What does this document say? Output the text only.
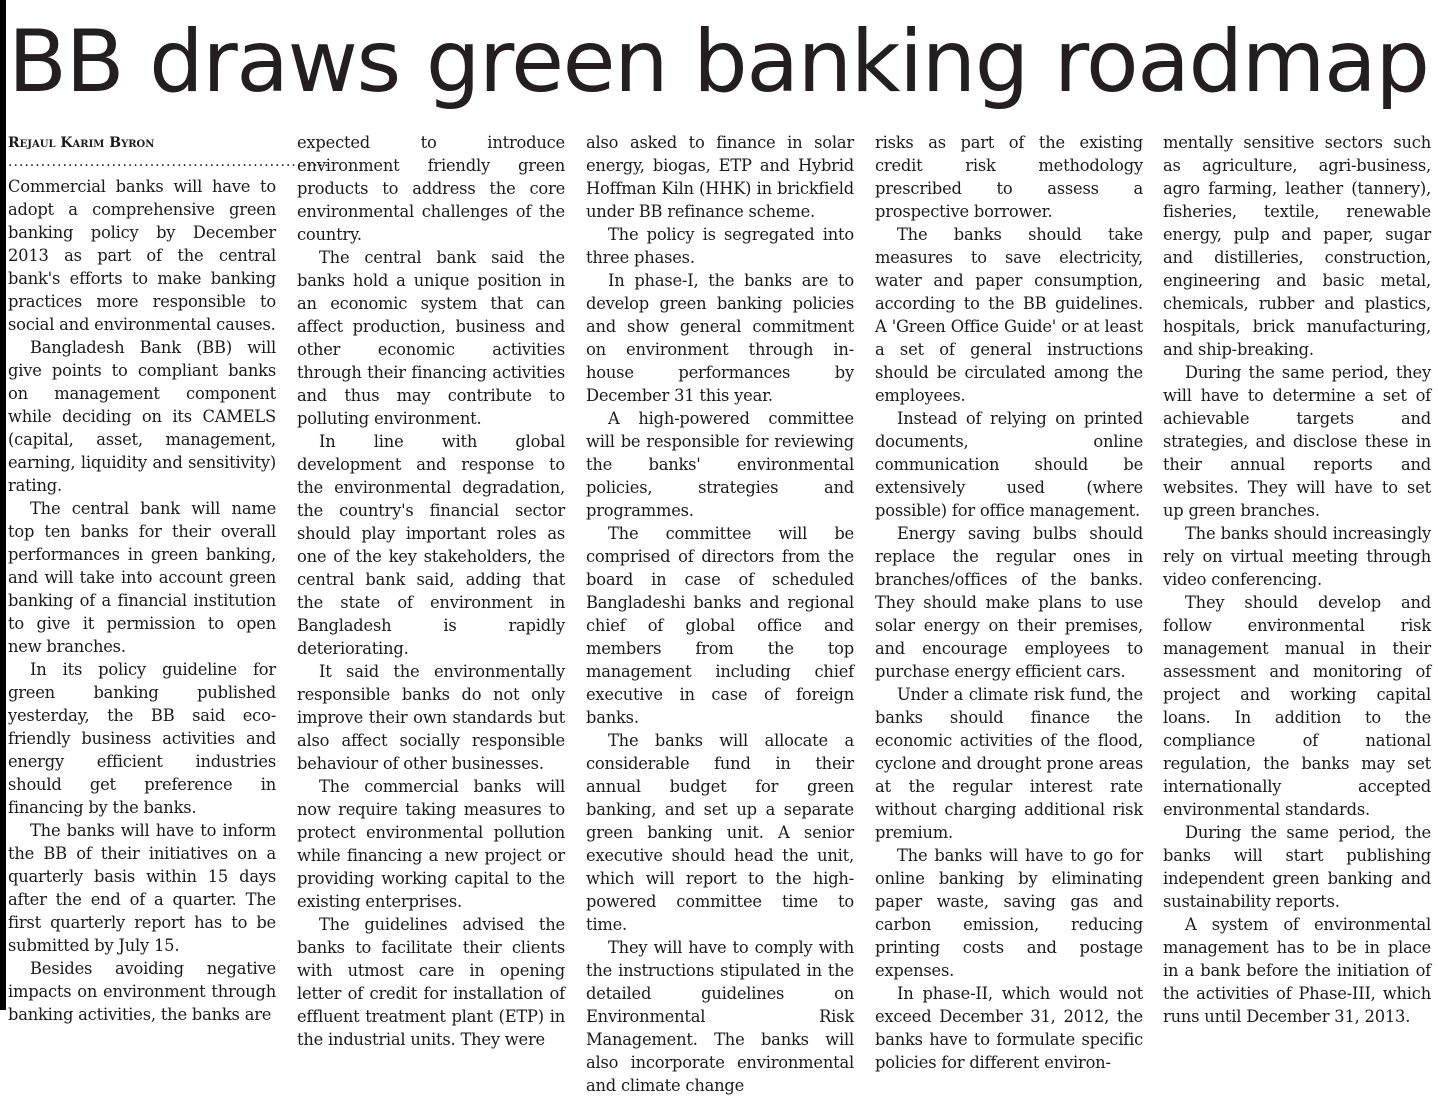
BB draws green banking roadmap
Rejaul Karim Byron
...........................................................

Commercial banks will have to adopt a comprehensive green banking policy by December 2013 as part of the central bank's efforts to make banking practices more responsible to social and environmental causes.

Bangladesh Bank (BB) will give points to compliant banks on management component while deciding on its CAMELS (capital, asset, management, earning, liquidity and sensitivity) rating.

The central bank will name top ten banks for their overall performances in green banking, and will take into account green banking of a financial institution to give it permission to open new branches.

In its policy guideline for green banking published yesterday, the BB said eco-friendly business activities and energy efficient industries should get preference in financing by the banks.

The banks will have to inform the BB of their initiatives on a quarterly basis within 15 days after the end of a quarter. The first quarterly report has to be submitted by July 15.

Besides avoiding negative impacts on environment through banking activities, the banks are

expected to introduce environment friendly green products to address the core environmental challenges of the country.

The central bank said the banks hold a unique position in an economic system that can affect production, business and other economic activities through their financing activities and thus may contribute to polluting environment.

In line with global development and response to the environmental degradation, the country's financial sector should play important roles as one of the key stakeholders, the central bank said, adding that the state of environment in Bangladesh is rapidly deteriorating.

It said the environmentally responsible banks do not only improve their own standards but also affect socially responsible behaviour of other businesses.

The commercial banks will now require taking measures to protect environmental pollution while financing a new project or providing working capital to the existing enterprises.

The guidelines advised the banks to facilitate their clients with utmost care in opening letter of credit for installation of effluent treatment plant (ETP) in the industrial units. They were

also asked to finance in solar energy, biogas, ETP and Hybrid Hoffman Kiln (HHK) in brickfield under BB refinance scheme.

The policy is segregated into three phases.

In phase-I, the banks are to develop green banking policies and show general commitment on environment through in-house performances by December 31 this year.

A high-powered committee will be responsible for reviewing the banks' environmental policies, strategies and programmes.

The committee will be comprised of directors from the board in case of scheduled Bangladeshi banks and regional chief of global office and members from the top management including chief executive in case of foreign banks.

The banks will allocate a considerable fund in their annual budget for green banking, and set up a separate green banking unit. A senior executive should head the unit, which will report to the high-powered committee time to time.

They will have to comply with the instructions stipulated in the detailed guidelines on Environmental Risk Management. The banks will also incorporate environmental and climate change

risks as part of the existing credit risk methodology prescribed to assess a prospective borrower.

The banks should take measures to save electricity, water and paper consumption, according to the BB guidelines. A 'Green Office Guide' or at least a set of general instructions should be circulated among the employees.

Instead of relying on printed documents, online communication should be extensively used (where possible) for office management.

Energy saving bulbs should replace the regular ones in branches/offices of the banks. They should make plans to use solar energy on their premises, and encourage employees to purchase energy efficient cars.

Under a climate risk fund, the banks should finance the economic activities of the flood, cyclone and drought prone areas at the regular interest rate without charging additional risk premium.

The banks will have to go for online banking by eliminating paper waste, saving gas and carbon emission, reducing printing costs and postage expenses.

In phase-II, which would not exceed December 31, 2012, the banks have to formulate specific policies for different environ-

mentally sensitive sectors such as agriculture, agri-business, agro farming, leather (tannery), fisheries, textile, renewable energy, pulp and paper, sugar and distilleries, construction, engineering and basic metal, chemicals, rubber and plastics, hospitals, brick manufacturing, and ship-breaking.

During the same period, they will have to determine a set of achievable targets and strategies, and disclose these in their annual reports and websites. They will have to set up green branches.

The banks should increasingly rely on virtual meeting through video conferencing.

They should develop and follow environmental risk management manual in their assessment and monitoring of project and working capital loans. In addition to the compliance of national regulation, the banks may set internationally accepted environmental standards.

During the same period, the banks will start publishing independent green banking and sustainability reports.

A system of environmental management has to be in place in a bank before the initiation of the activities of Phase-III, which runs until December 31, 2013.
